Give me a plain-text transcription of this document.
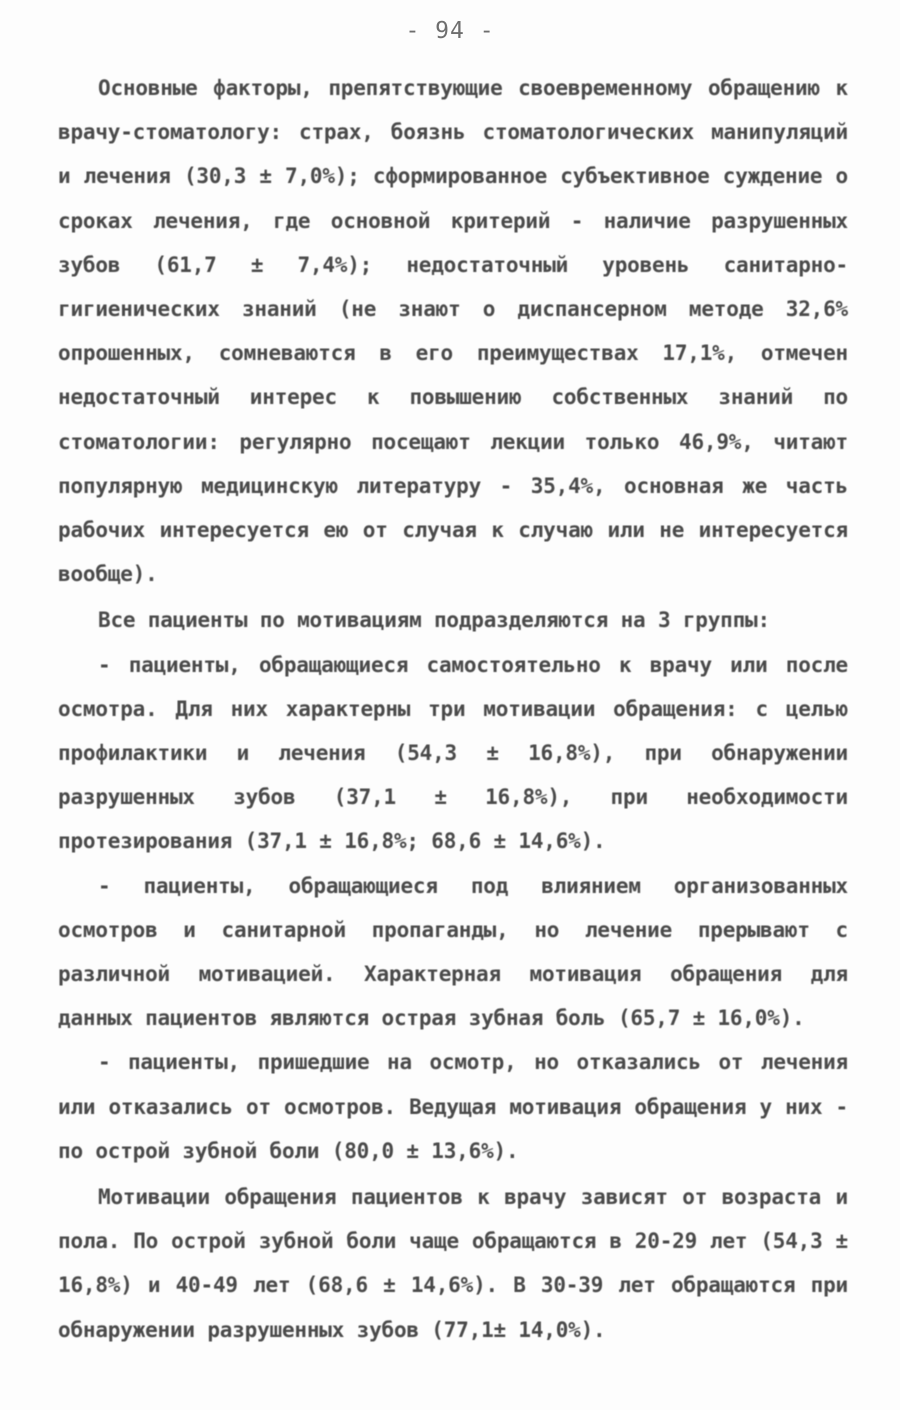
- 94 -

Основные факторы, препятствующие своевременному обращению к врачу-стоматологу: страх, боязнь стоматологических манипуляций и лечения (30,3 ± 7,0%); сформированное субъективное суждение о сроках лечения, где основной критерий - наличие разрушенных зубов (61,7 ± 7,4%); недостаточный уровень санитарно-гигиенических знаний (не знают о диспансерном методе 32,6% опрошенных, сомневаются в его преимуществах 17,1%, отмечен недостаточный интерес к повышению собственных знаний по стоматологии: регулярно посещают лекции только 46,9%, читают популярную медицинскую литературу - 35,4%, основная же часть рабочих интересуется ею от случая к случаю или не интересуется вообще).

Все пациенты по мотивациям подразделяются на 3 группы:

- пациенты, обращающиеся самостоятельно к врачу или после осмотра. Для них характерны три мотивации обращения: с целью профилактики и лечения (54,3 ± 16,8%), при обнаружении разрушенных зубов (37,1 ± 16,8%), при необходимости протезирования (37,1 ± 16,8%; 68,6 ± 14,6%).

- пациенты, обращающиеся под влиянием организованных осмотров и санитарной пропаганды, но лечение прерывают с различной мотивацией. Характерная мотивация обращения для данных пациентов являются острая зубная боль (65,7 ± 16,0%).

- пациенты, пришедшие на осмотр, но отказались от лечения или отказались от осмотров. Ведущая мотивация обращения у них - по острой зубной боли (80,0 ± 13,6%).

Мотивации обращения пациентов к врачу зависят от возраста и пола. По острой зубной боли чаще обращаются в 20-29 лет (54,3 ± 16,8%) и 40-49 лет (68,6 ± 14,6%). В 30-39 лет обращаются при обнаружении разрушенных зубов (77,1± 14,0%).
